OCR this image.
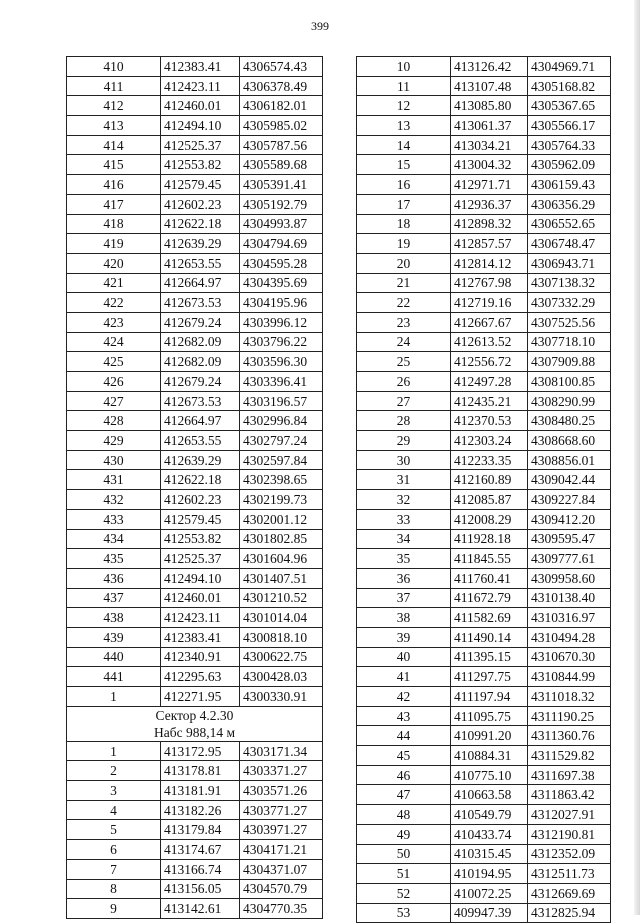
399
410	412383.41	4306574.43
411	412423.11	4306378.49
412	412460.01	4306182.01
413	412494.10	4305985.02
414	412525.37	4305787.56
415	412553.82	4305589.68
416	412579.45	4305391.41
417	412602.23	4305192.79
418	412622.18	4304993.87
419	412639.29	4304794.69
420	412653.55	4304595.28
421	412664.97	4304395.69
422	412673.53	4304195.96
423	412679.24	4303996.12
424	412682.09	4303796.22
425	412682.09	4303596.30
426	412679.24	4303396.41
427	412673.53	4303196.57
428	412664.97	4302996.84
429	412653.55	4302797.24
430	412639.29	4302597.84
431	412622.18	4302398.65
432	412602.23	4302199.73
433	412579.45	4302001.12
434	412553.82	4301802.85
435	412525.37	4301604.96
436	412494.10	4301407.51
437	412460.01	4301210.52
438	412423.11	4301014.04
439	412383.41	4300818.10
440	412340.91	4300622.75
441	412295.63	4300428.03
1	412271.95	4300330.91

Сектор 4.2.30
Набс 988,14 м		

1	413172.95	4303171.34
2	413178.81	4303371.27
3	413181.91	4303571.26
4	413182.26	4303771.27
5	413179.84	4303971.27
6	413174.67	4304171.21
7	413166.74	4304371.07
8	413156.05	4304570.79
9	413142.61	4304770.35
10	413126.42	4304969.71
11	413107.48	4305168.82
12	413085.80	4305367.65
13	413061.37	4305566.17
14	413034.21	4305764.33
15	413004.32	4305962.09
16	412971.71	4306159.43
17	412936.37	4306356.29
18	412898.32	4306552.65
19	412857.57	4306748.47
20	412814.12	4306943.71
21	412767.98	4307138.32
22	412719.16	4307332.29
23	412667.67	4307525.56
24	412613.52	4307718.10
25	412556.72	4307909.88
26	412497.28	4308100.85
27	412435.21	4308290.99
28	412370.53	4308480.25
29	412303.24	4308668.60
30	412233.35	4308856.01
31	412160.89	4309042.44
32	412085.87	4309227.84
33	412008.29	4309412.20
34	411928.18	4309595.47
35	411845.55	4309777.61
36	411760.41	4309958.60
37	411672.79	4310138.40
38	411582.69	4310316.97
39	411490.14	4310494.28
40	411395.15	4310670.30
41	411297.75	4310844.99
42	411197.94	4311018.32
43	411095.75	4311190.25
44	410991.20	4311360.76
45	410884.31	4311529.82
46	410775.10	4311697.38
47	410663.58	4311863.42
48	410549.79	4312027.91
49	410433.74	4312190.81
50	410315.45	4312352.09
51	410194.95	4312511.73
52	410072.25	4312669.69
53	409947.39	4312825.94
